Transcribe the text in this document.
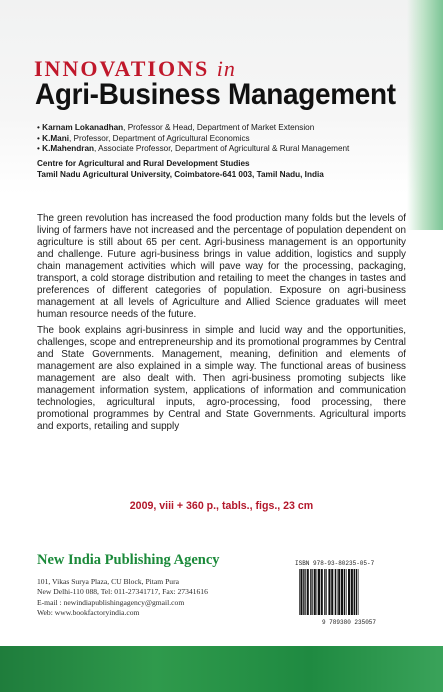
INNOVATIONS in
Agri-Business Management
• Karnam Lokanadhan, Professor & Head, Department of Market Extension
• K.Mani, Professor, Department of Agricultural Economics
• K.Mahendran, Associate Professor, Department of Agricultural & Rural Management
Centre for Agricultural and Rural Development Studies
Tamil Nadu Agricultural University, Coimbatore-641 003, Tamil Nadu, India
The green revolution has increased the food production many folds but the levels of living of farmers have not increased and the percentage of population dependent on agriculture is still about 65 per cent. Agri-business management is an opportunity and challenge. Future agri-business brings in value addition, logistics and supply chain management activities which will pave way for the processing, packaging, transport, a cold storage distribution and retailing to meet the changes in tastes and preferences of different categories of population. Exposure on agri-business management at all levels of Agriculture and Allied Science graduates will meet human resource needs of the future.
The book explains agri-businress in simple and lucid way and the opportunities, challenges, scope and entrepreneurship and its promotional programmes by Central and State Governments. Management, meaning, definition and elements of management are also explained in a simple way. The functional areas of business management are also dealt with. Then agri-business promoting subjects like management information system, applications of information and communication technologies, agricultural inputs, agro-processing, food processing, there promotional programmes by Central and State Governments. Agricultural imports and exports, retailing and supply
2009, viii + 360 p., tabls., figs., 23 cm
New India Publishing Agency
101, Vikas Surya Plaza, CU Block, Pitam Pura
New Delhi-110 088, Tel: 011-27341717, Fax: 27341616
E-mail : newindiapublishingagency@gmail.com
Web: www.bookfactoryindia.com
ISBN 978-93-80235-05-7
9 789380 235057
